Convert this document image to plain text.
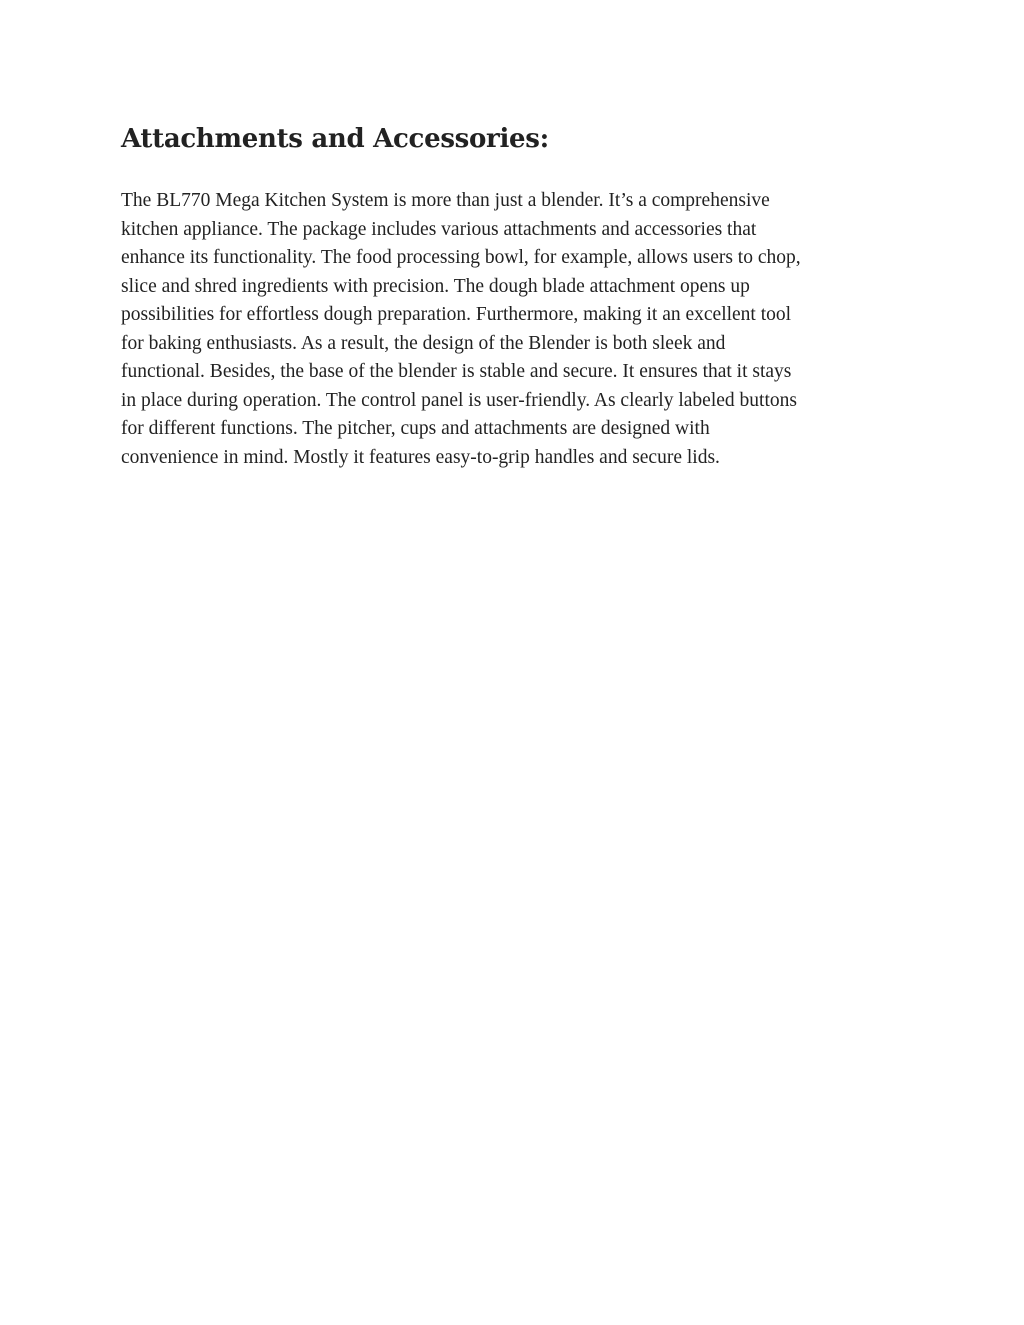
Attachments and Accessories:

The BL770 Mega Kitchen System is more than just a blender. It’s a comprehensive
kitchen appliance. The package includes various attachments and accessories that
enhance its functionality. The food processing bowl, for example, allows users to chop,
slice and shred ingredients with precision. The dough blade attachment opens up
possibilities for effortless dough preparation. Furthermore, making it an excellent tool
for baking enthusiasts. As a result, the design of the Blender is both sleek and
functional. Besides, the base of the blender is stable and secure. It ensures that it stays
in place during operation. The control panel is user-friendly. As clearly labeled buttons
for different functions. The pitcher, cups and attachments are designed with
convenience in mind. Mostly it features easy-to-grip handles and secure lids.
